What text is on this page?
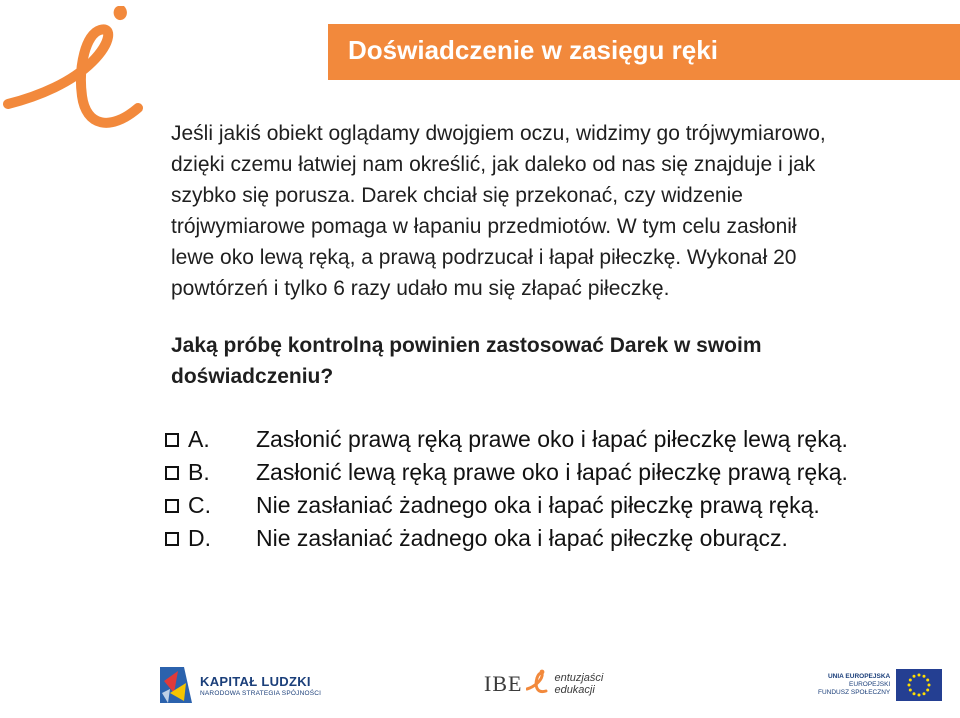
Doświadczenie w zasięgu ręki
Jeśli jakiś obiekt oglądamy dwojgiem oczu, widzimy go trójwymiarowo,
dzięki czemu łatwiej nam określić, jak daleko od nas się znajduje i jak
szybko się porusza. Darek chciał się przekonać, czy widzenie
trójwymiarowe pomaga w łapaniu przedmiotów. W tym celu zasłonił
lewe oko lewą ręką, a prawą podrzucał i łapał piłeczkę. Wykonał 20
powtórzeń i tylko 6 razy udało mu się złapać piłeczkę.
Jaką próbę kontrolną powinien zastosować Darek w swoim
doświadczeniu?
A.	Zasłonić prawą ręką prawe oko i łapać piłeczkę lewą ręką.
B.	Zasłonić lewą ręką prawe oko i łapać piłeczkę prawą ręką.
C.	Nie zasłaniać żadnego oka i łapać piłeczkę prawą ręką.
D.	Nie zasłaniać żadnego oka i łapać piłeczkę oburącz.
KAPITAŁ LUDZKI
NARODOWA STRATEGIA SPÓJNOŚCI	IBE	entuzjaści
edukacji
UNIA EUROPEJSKA
EUROPEJSKI
FUNDUSZ SPOŁECZNY
